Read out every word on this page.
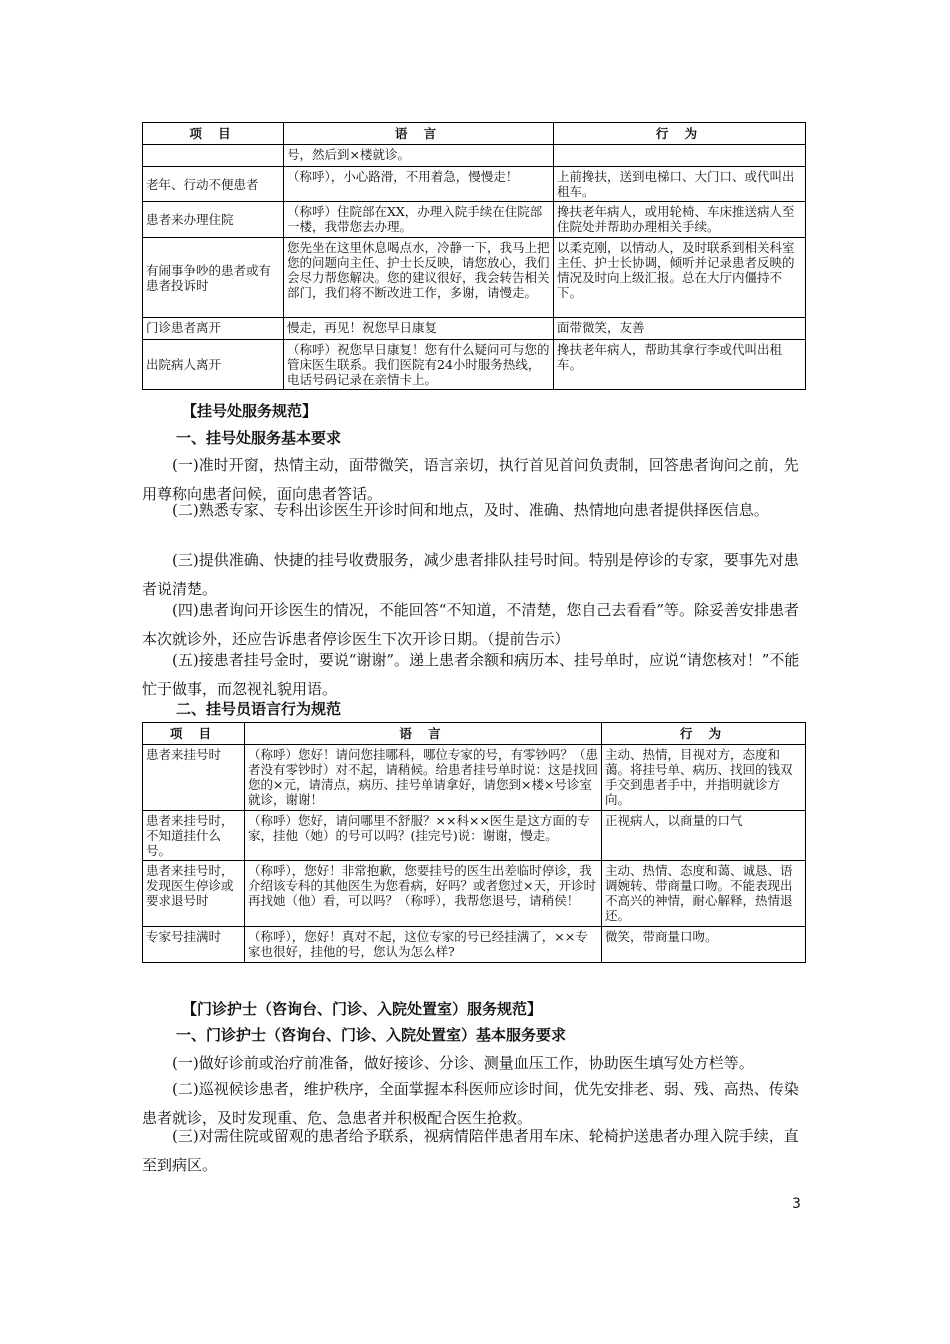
项 目	语 言	行 为
	号，然后到×楼就诊。	
老年、行动不便患者	（称呼），小心路滑，不用着急，慢慢走！	上前搀扶，送到电梯口、大门口、或代叫出租车。
患者来办理住院	（称呼）住院部在XX，办理入院手续在住院部一楼，我带您去办理。	搀扶老年病人，或用轮椅、车床推送病人至住院处并帮助办理相关手续。
有闹事争吵的患者或有患者投诉时	您先坐在这里休息喝点水，冷静一下，我马上把您的问题向主任、护士长反映，请您放心，我们会尽力帮您解决。您的建议很好，我会转告相关部门，我们将不断改进工作，多谢，请慢走。	以柔克刚，以情动人，及时联系到相关科室主任、护士长协调，倾听并记录患者反映的情况及时向上级汇报。总在大厅内僵持不下。
门诊患者离开	慢走，再见！祝您早日康复	面带微笑，友善
出院病人离开	（称呼）祝您早日康复！您有什么疑问可与您的管床医生联系。我们医院有24小时服务热线，电话号码记录在亲情卡上。	搀扶老年病人，帮助其拿行李或代叫出租车。
【挂号处服务规范】
一、挂号处服务基本要求
(一)准时开窗，热情主动，面带微笑，语言亲切，执行首见首问负责制，回答患者询问之前，先用尊称向患者问候，面向患者答话。
(二)熟悉专家、专科出诊医生开诊时间和地点，及时、准确、热情地向患者提供择医信息。
(三)提供准确、快捷的挂号收费服务，减少患者排队挂号时间。特别是停诊的专家，要事先对患者说清楚。
(四)患者询问开诊医生的情况，不能回答“不知道，不清楚，您自己去看看”等。除妥善安排患者本次就诊外，还应告诉患者停诊医生下次开诊日期。（提前告示）
(五)接患者挂号金时，要说“谢谢”。递上患者余额和病历本、挂号单时，应说“请您核对！”不能忙于做事，而忽视礼貌用语。
二、挂号员语言行为规范
项 目	语 言	行 为
患者来挂号时	（称呼）您好！请问您挂哪科，哪位专家的号，有零钞吗？（患者没有零钞时）对不起，请稍候。给患者挂号单时说：这是找回您的×元，请清点，病历、挂号单请拿好，请您到×楼×号诊室就诊，谢谢！	主动、热情，目视对方，态度和蔼。将挂号单、病历、找回的钱双手交到患者手中，并指明就诊方向。
患者来挂号时，不知道挂什么号。	（称呼）您好，请问哪里不舒服？××科××医生是这方面的专家，挂他（她）的号可以吗？(挂完号)说：谢谢，慢走。	正视病人，以商量的口气
患者来挂号时，发现医生停诊或要求退号时	（称呼），您好！非常抱歉，您要挂号的医生出差临时停诊，我介绍该专科的其他医生为您看病，好吗？或者您过×天，开诊时再找她（他）看，可以吗？（称呼），我帮您退号，请稍侯！	主动、热情、态度和蔼、诚恳、语调婉转、带商量口吻。不能表现出不高兴的神情，耐心解释，热情退还。
专家号挂满时	（称呼），您好！真对不起，这位专家的号已经挂满了，××专家也很好，挂他的号，您认为怎么样?	微笑，带商量口吻。
【门诊护士（咨询台、门诊、入院处置室）服务规范】
一、门诊护士（咨询台、门诊、入院处置室）基本服务要求
(一)做好诊前或治疗前准备，做好接诊、分诊、测量血压工作，协助医生填写处方栏等。
(二)巡视候诊患者，维护秩序，全面掌握本科医师应诊时间，优先安排老、弱、残、高热、传染患者就诊，及时发现重、危、急患者并积极配合医生抢救。
(三)对需住院或留观的患者给予联系，视病情陪伴患者用车床、轮椅护送患者办理入院手续，直至到病区。
3
